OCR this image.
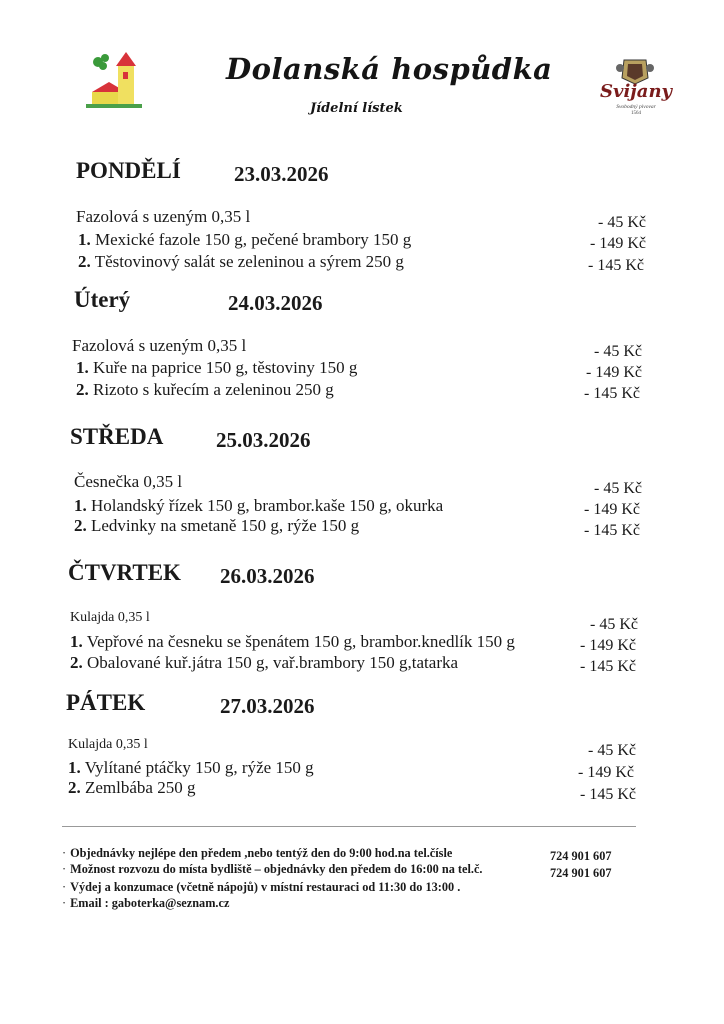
Dolanská hospůdka
Jídelní lístek
Svijany
Svobodný pivovar
1564
PONDĚLÍ	23.03.2026
Fazolová s uzeným 0,35 l	- 45 Kč
1. Mexické fazole 150 g, pečené brambory 150 g	- 149 Kč
2. Těstovinový salát se zeleninou a sýrem 250 g	- 145 Kč
Úterý	24.03.2026
Fazolová s uzeným 0,35 l	- 45 Kč
1. Kuře na paprice 150 g, těstoviny 150 g	- 149 Kč
2. Rizoto s kuřecím a zeleninou 250 g	- 145 Kč
STŘEDA	25.03.2026
Česnečka 0,35 l	- 45 Kč
1. Holandský řízek 150 g, brambor.kaše 150 g, okurka	- 149 Kč
2. Ledvinky na smetaně 150 g, rýže 150 g	- 145 Kč
ČTVRTEK 26.03.2026
Kulajda 0,35 l	- 45 Kč
1. Vepřové na česneku se špenátem 150 g, brambor.knedlík 150 g	- 149 Kč
2. Obalované kuř.játra 150 g, vař.brambory 150 g,tatarka	- 145 Kč
PÁTEK	27.03.2026
Kulajda 0,35 l	- 45 Kč
1. Vylítané ptáčky 150 g, rýže 150 g	- 149 Kč
2. Zemlbába 250 g	- 145 Kč
· Objednávky nejlépe den předem ,nebo tentýž den do 9:00 hod.na tel.čísle	724 901 607
· Možnost rozvozu do místa bydliště – objednávky den předem do 16:00 na tel.č.	724 901 607
· Výdej a konzumace (včetně nápojů) v místní restauraci od 11:30 do 13:00 .
· Email : gaboterka@seznam.cz
